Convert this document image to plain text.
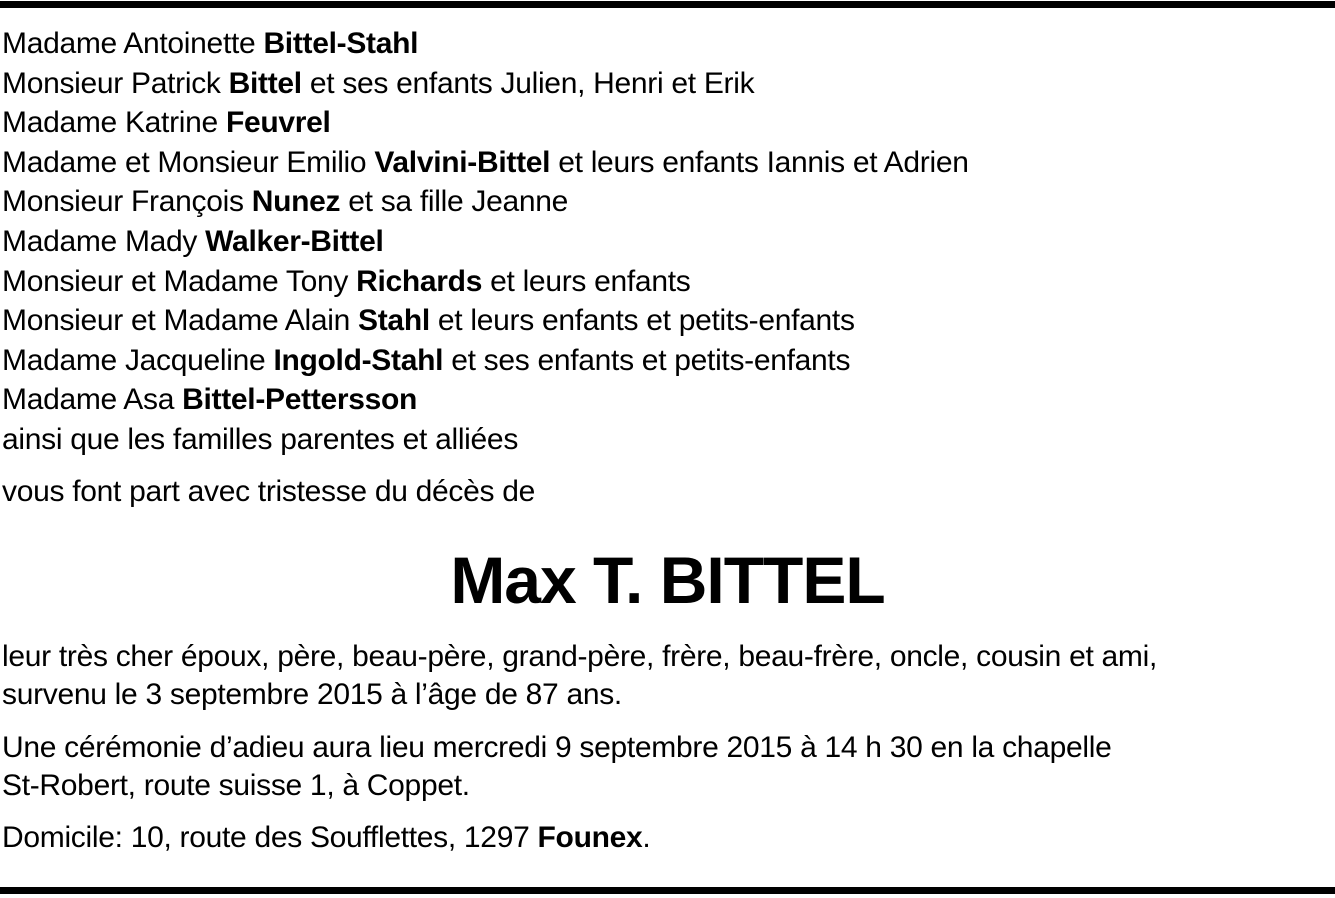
Madame Antoinette Bittel-Stahl
Monsieur Patrick Bittel et ses enfants Julien, Henri et Erik
Madame Katrine Feuvrel
Madame et Monsieur Emilio Valvini-Bittel et leurs enfants Iannis et Adrien
Monsieur François Nunez et sa fille Jeanne
Madame Mady Walker-Bittel
Monsieur et Madame Tony Richards et leurs enfants
Monsieur et Madame Alain Stahl et leurs enfants et petits-enfants
Madame Jacqueline Ingold-Stahl et ses enfants et petits-enfants
Madame Asa Bittel-Pettersson
ainsi que les familles parentes et alliées
vous font part avec tristesse du décès de
Max T. BITTEL
leur très cher époux, père, beau-père, grand-père, frère, beau-frère, oncle, cousin et ami,
survenu le 3 septembre 2015 à l’âge de 87 ans.
Une cérémonie d’adieu aura lieu mercredi 9 septembre 2015 à 14 h 30 en la chapelle
St-Robert, route suisse 1, à Coppet.
Domicile: 10, route des Soufflettes, 1297 Founex.
